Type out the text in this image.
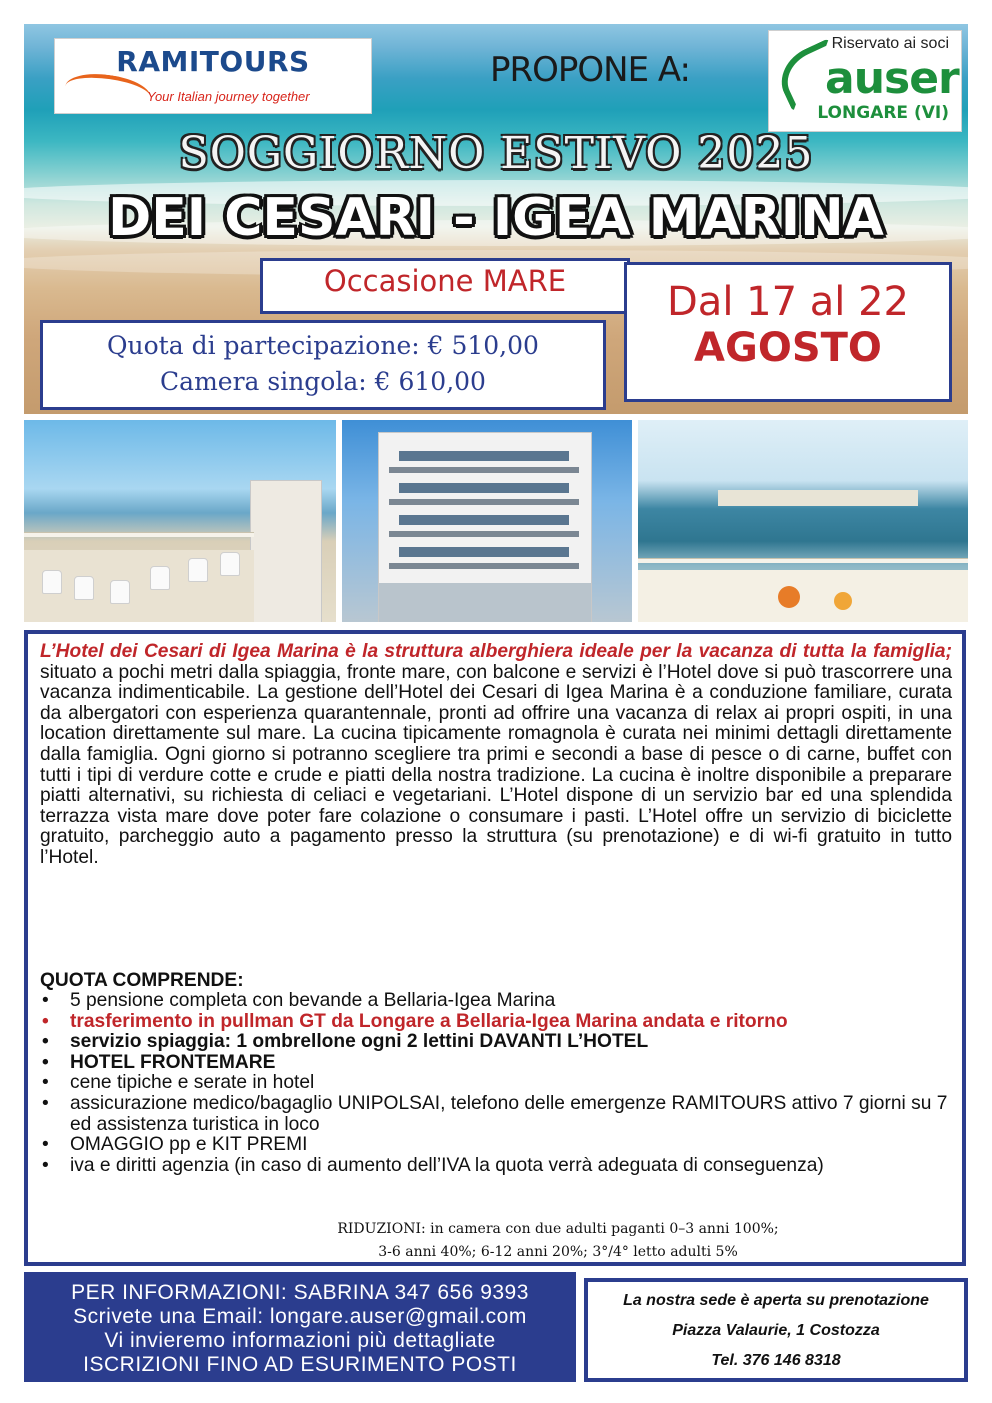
RAMITOURS
Your Italian journey together
PROPONE A:
Riservato ai soci
auser
LONGARE (VI)
SOGGIORNO ESTIVO 2025
DEI CESARI - IGEA MARINA
Occasione MARE
Quota di partecipazione: € 510,00
Camera singola: € 610,00
Dal 17 al 22
AGOSTO
L’Hotel dei Cesari di Igea Marina è la struttura alberghiera ideale per la vacanza di tutta la famiglia; situato a pochi metri dalla spiaggia, fronte mare, con balcone e servizi è l’Hotel dove si può trascorrere una vacanza indimenticabile. La gestione dell’Hotel dei Cesari di Igea Marina è a conduzione familiare, curata da albergatori con esperienza quarantennale, pronti ad offrire una vacanza di relax ai propri ospiti, in una location direttamente sul mare. La cucina tipicamente romagnola è curata nei minimi dettagli direttamente dalla famiglia. Ogni giorno si potranno scegliere tra primi e secondi a base di pesce o di carne, buffet con tutti i tipi di verdure cotte e crude e piatti della nostra tradizione. La cucina è inoltre disponibile a preparare piatti alternativi, su richiesta di celiaci e vegetariani. L’Hotel dispone di un servizio bar ed una splendida terrazza vista mare dove poter fare colazione o consumare i pasti. L’Hotel offre un servizio di biciclette gratuito, parcheggio auto a pagamento presso la struttura (su prenotazione) e di wi-fi gratuito in tutto l’Hotel.
QUOTA COMPRENDE:
• 5 pensione completa con bevande a Bellaria-Igea Marina
• trasferimento in pullman GT da Longare a Bellaria-Igea Marina andata e ritorno
• servizio spiaggia: 1 ombrellone ogni 2 lettini DAVANTI L’HOTEL
• HOTEL FRONTEMARE
• cene tipiche e serate in hotel
• assicurazione medico/bagaglio UNIPOLSAI, telefono delle emergenze RAMITOURS attivo 7 giorni su 7 ed assistenza turistica in loco
• OMAGGIO pp e KIT PREMI
• iva e diritti agenzia (in caso di aumento dell’IVA la quota verrà adeguata di conseguenza)
RIDUZIONI: in camera con due adulti paganti 0–3 anni 100%;
3-6 anni 40%; 6-12 anni 20%; 3°/4° letto adulti 5%
PER INFORMAZIONI: SABRINA 347 656 9393
Scrivete una Email: longare.auser@gmail.com
Vi invieremo informazioni più dettagliate
ISCRIZIONI FINO AD ESURIMENTO POSTI
La nostra sede è aperta su prenotazione
Piazza Valaurie, 1 Costozza
Tel. 376 146 8318
